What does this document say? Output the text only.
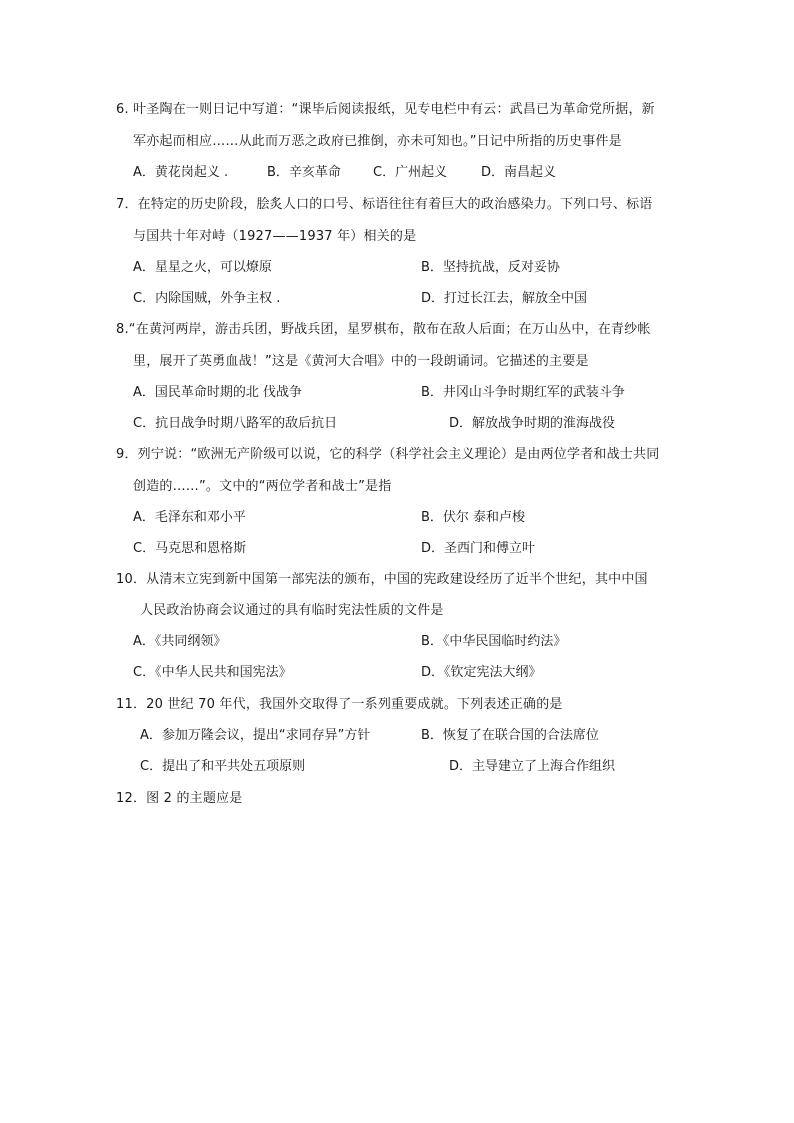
6. 叶圣陶在一则日记中写道：“课毕后阅读报纸，见专电栏中有云：武昌已为革命党所据，新
军亦起而相应……从此而万恶之政府已推倒，亦未可知也。”日记中所指的历史事件是
A．黄花岗起义 .	B．辛亥革命 C．广州起义	D．南昌起义
7．在特定的历史阶段，脍炙人口的口号、标语往往有着巨大的政治感染力。下列口号、标语
与国共十年对峙（1927——1937 年）相关的是
A．星星之火，可以燎原	B．坚持抗战，反对妥协
C．内除国贼，外争主权 .	D．打过长江去，解放全中国
8.“在黄河两岸，游击兵团，野战兵团，星罗棋布，散布在敌人后面；在万山丛中，在青纱帐
里，展开了英勇血战！”这是《黄河大合唱》中的一段朗诵词。它描述的主要是
A．国民革命时期的北 伐战争	B．井冈山斗争时期红军的武装斗争
C．抗日战争时期八路军的敌后抗日	D．解放战争时期的淮海战役
9．列宁说：“欧洲无产阶级可以说，它的科学（科学社会主义理论）是由两位学者和战士共同
创造的……”。文中的“两位学者和战士”是指
A．毛泽东和邓小平	B．伏尔 泰和卢梭
C．马克思和恩格斯	D．圣西门和傅立叶
10．从清末立宪到新中国第一部宪法的颁布，中国的宪政建设经历了近半个世纪，其中中国
人民政治协商会议通过的具有临时宪法性质的文件是
A．《共同纲领》	B．《中华民国临时约法》
C．《中华人民共和国宪法》	D．《钦定宪法大纲》
11．20 世纪 70 年代，我国外交取得了一系列重要成就。下列表述正确的是
A．参加万隆会议，提出“求同存异”方针	B．恢复了在联合国的合法席位
C．提出了和平共处五项原则	D．主导建立了上海合作组织
12．图 2 的主题应是
